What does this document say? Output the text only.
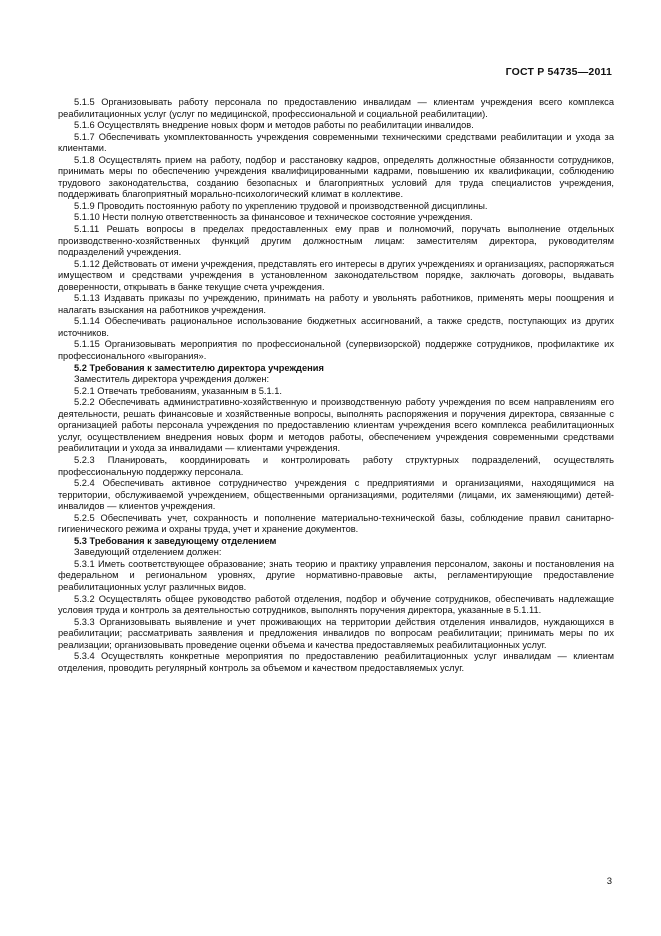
ГОСТ Р 54735—2011

5.1.5 Организовывать работу персонала по предоставлению инвалидам — клиентам учреждения всего комплекса реабилитационных услуг (услуг по медицинской, профессиональной и социальной реабилитации).

5.1.6 Осуществлять внедрение новых форм и методов работы по реабилитации инвалидов.

5.1.7 Обеспечивать укомплектованность учреждения современными техническими средствами реабилитации и ухода за клиентами.

5.1.8 Осуществлять прием на работу, подбор и расстановку кадров, определять должностные обязанности сотрудников, принимать меры по обеспечению учреждения квалифицированными кадрами, повышению их квалификации, соблюдению трудового законодательства, созданию безопасных и благоприятных условий для труда специалистов учреждения, поддерживать благоприятный морально-психологический климат в коллективе.

5.1.9 Проводить постоянную работу по укреплению трудовой и производственной дисциплины.

5.1.10 Нести полную ответственность за финансовое и техническое состояние учреждения.

5.1.11 Решать вопросы в пределах предоставленных ему прав и полномочий, поручать выполнение отдельных производственно-хозяйственных функций другим должностным лицам: заместителям директора, руководителям подразделений учреждения.

5.1.12 Действовать от имени учреждения, представлять его интересы в других учреждениях и организациях, распоряжаться имуществом и средствами учреждения в установленном законодательством порядке, заключать договоры, выдавать доверенности, открывать в банке текущие счета учреждения.

5.1.13 Издавать приказы по учреждению, принимать на работу и увольнять работников, применять меры поощрения и налагать взыскания на работников учреждения.

5.1.14 Обеспечивать рациональное использование бюджетных ассигнований, а также средств, поступающих из других источников.

5.1.15 Организовывать мероприятия по профессиональной (супервизорской) поддержке сотрудников, профилактике их профессионального «выгорания».

5.2 Требования к заместителю директора учреждения

Заместитель директора учреждения должен:

5.2.1 Отвечать требованиям, указанным в 5.1.1.

5.2.2 Обеспечивать административно-хозяйственную и производственную работу учреждения по всем направлениям его деятельности, решать финансовые и хозяйственные вопросы, выполнять распоряжения и поручения директора, связанные с организацией работы персонала учреждения по предоставлению клиентам учреждения всего комплекса реабилитационных услуг, осуществлением внедрения новых форм и методов работы, обеспечением учреждения современными средствами реабилитации и ухода за инвалидами — клиентами учреждения.

5.2.3 Планировать, координировать и контролировать работу структурных подразделений, осуществлять профессиональную поддержку персонала.

5.2.4 Обеспечивать активное сотрудничество учреждения с предприятиями и организациями, находящимися на территории, обслуживаемой учреждением, общественными организациями, родителями (лицами, их заменяющими) детей-инвалидов — клиентов учреждения.

5.2.5 Обеспечивать учет, сохранность и пополнение материально-технической базы, соблюдение правил санитарно-гигиенического режима и охраны труда, учет и хранение документов.

5.3 Требования к заведующему отделением

Заведующий отделением должен:

5.3.1 Иметь соответствующее образование; знать теорию и практику управления персоналом, законы и постановления на федеральном и региональном уровнях, другие нормативно-правовые акты, регламентирующие предоставление реабилитационных услуг различных видов.

5.3.2 Осуществлять общее руководство работой отделения, подбор и обучение сотрудников, обеспечивать надлежащие условия труда и контроль за деятельностью сотрудников, выполнять поручения директора, указанные в 5.1.11.

5.3.3 Организовывать выявление и учет проживающих на территории действия отделения инвалидов, нуждающихся в реабилитации; рассматривать заявления и предложения инвалидов по вопросам реабилитации; принимать меры по их реализации; организовывать проведение оценки объема и качества предоставляемых реабилитационных услуг.

5.3.4 Осуществлять конкретные мероприятия по предоставлению реабилитационных услуг инвалидам — клиентам отделения, проводить регулярный контроль за объемом и качеством предоставляемых услуг.

3
